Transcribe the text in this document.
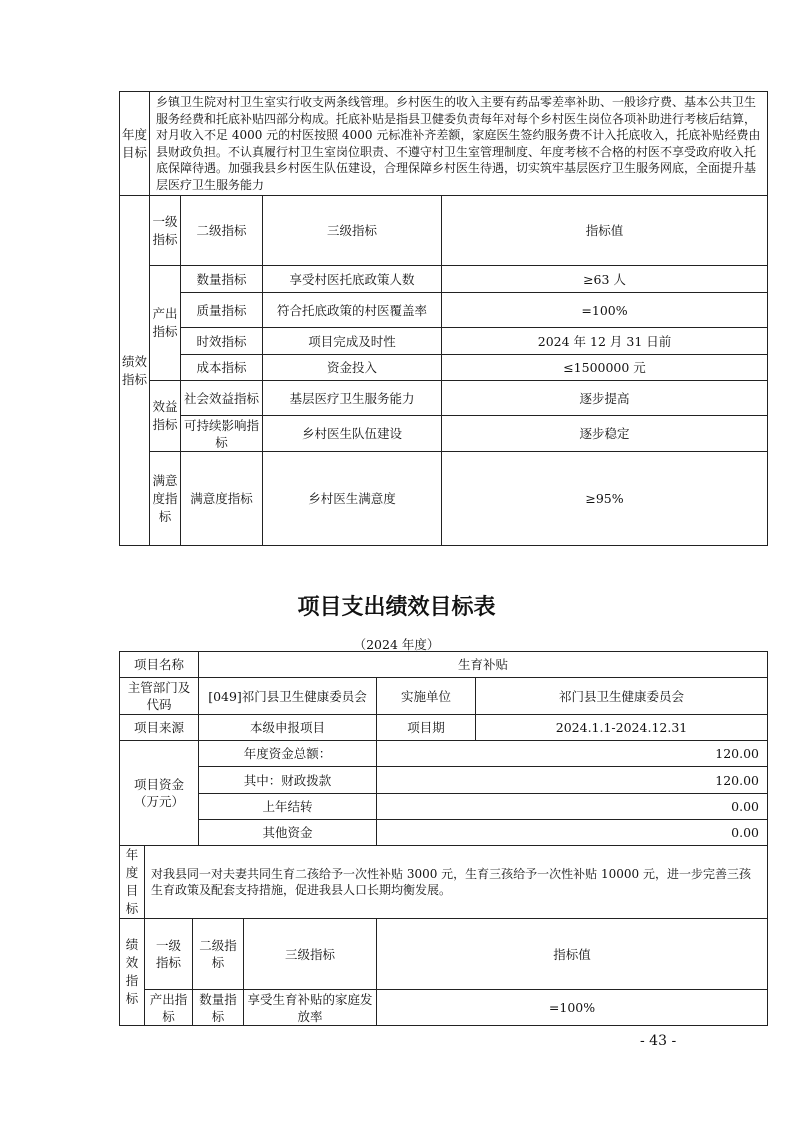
年度目标	乡镇卫生院对村卫生室实行收支两条线管理。乡村医生的收入主要有药品零差率补助、一般诊疗费、基本公共卫生服务经费和托底补贴四部分构成。托底补贴是指县卫健委负责每年对每个乡村医生岗位各项补助进行考核后结算，对月收入不足 4000 元的村医按照 4000 元标准补齐差额，家庭医生签约服务费不计入托底收入，托底补贴经费由县财政负担。不认真履行村卫生室岗位职责、不遵守村卫生室管理制度、年度考核不合格的村医不享受政府收入托底保障待遇。加强我县乡村医生队伍建设，合理保障乡村医生待遇，切实筑牢基层医疗卫生服务网底，全面提升基层医疗卫生服务能力			
绩效指标	一级指标	二级指标	三级指标	指标值
	产出指标	数量指标	享受村医托底政策人数	≥63 人
		质量指标	符合托底政策的村医覆盖率	=100%
		时效指标	项目完成及时性	2024 年 12 月 31 日前
		成本指标	资金投入	≤1500000 元
	效益指标	社会效益指标	基层医疗卫生服务能力	逐步提高
		可持续影响指标	乡村医生队伍建设	逐步稳定
	满意度指标	满意度指标	乡村医生满意度	≥95%
项目支出绩效目标表
（2024 年度）
项目名称	生育补贴		
主管部门及代码	[049]祁门县卫生健康委员会	实施单位	祁门县卫生健康委员会
项目来源	本级申报项目	项目期	2024.1.1-2024.12.31
项目资金（万元）	年度资金总额：	120.00	
	其中：财政拨款	120.00	
	上年结转	0.00	
	其他资金	0.00	
年度目标	对我县同一对夫妻共同生育二孩给予一次性补贴 3000 元，生育三孩给予一次性补贴 10000 元，进一步完善三孩生育政策及配套支持措施，促进我县人口长期均衡发展。			
绩效指标	一级指标	二级指标	三级指标	指标值
	产出指标	数量指标	享受生育补贴的家庭发放率	=100%
- 43 -
